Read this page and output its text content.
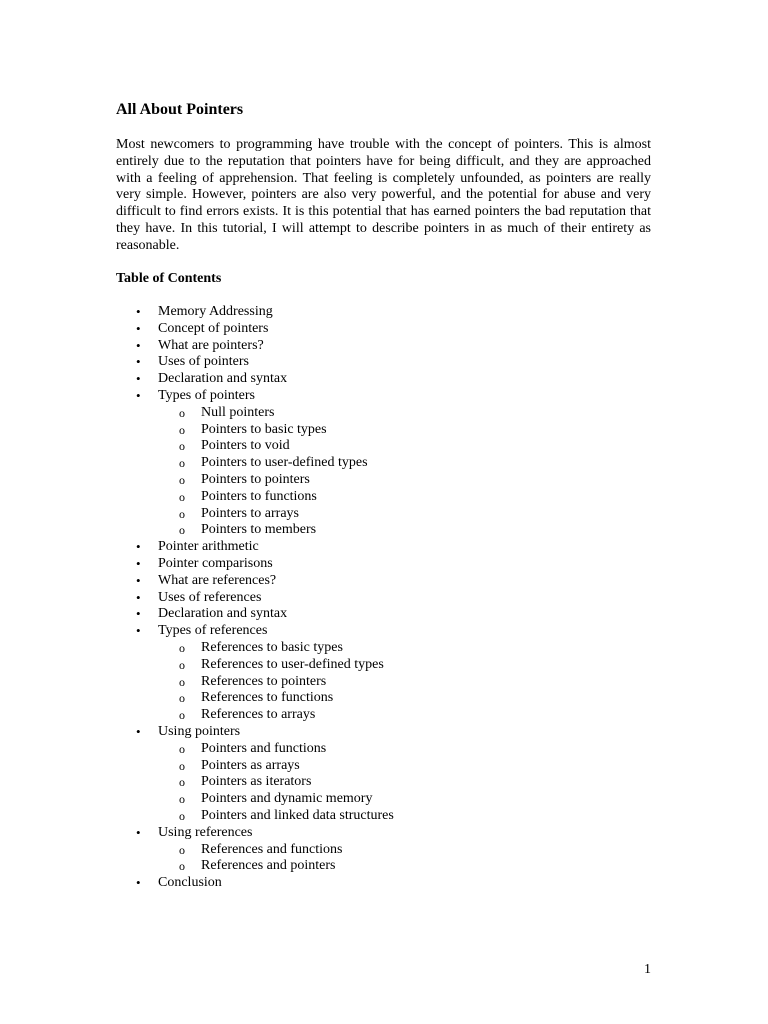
All About Pointers

Most newcomers to programming have trouble with the concept of pointers. This is almost entirely due to the reputation that pointers have for being difficult, and they are approached with a feeling of apprehension. That feeling is completely unfounded, as pointers are really very simple. However, pointers are also very powerful, and the potential for abuse and very difficult to find errors exists. It is this potential that has earned pointers the bad reputation that they have. In this tutorial, I will attempt to describe pointers in as much of their entirety as reasonable.

Table of Contents
• Memory Addressing
• Concept of pointers
• What are pointers?
• Uses of pointers
• Declaration and syntax
• Types of pointers
o Null pointers
o Pointers to basic types
o Pointers to void
o Pointers to user-defined types
o Pointers to pointers
o Pointers to functions
o Pointers to arrays
o Pointers to members
• Pointer arithmetic
• Pointer comparisons
• What are references?
• Uses of references
• Declaration and syntax
• Types of references
o References to basic types
o References to user-defined types
o References to pointers
o References to functions
o References to arrays
• Using pointers
o Pointers and functions
o Pointers as arrays
o Pointers as iterators
o Pointers and dynamic memory
o Pointers and linked data structures
• Using references
o References and functions
o References and pointers
• Conclusion
1
